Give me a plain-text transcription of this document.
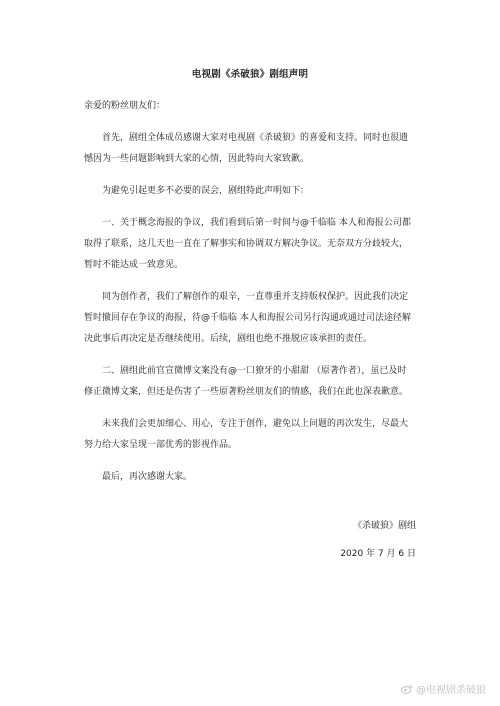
电视剧《杀破狼》剧组声明

亲爱的粉丝朋友们：

首先，剧组全体成员感谢大家对电视剧《杀破狼》的喜爱和支持。同时也很遗憾因为一些问题影响到大家的心情，因此特向大家致歉。

为避免引起更多不必要的误会，剧组特此声明如下：

一、关于概念海报的争议，我们看到后第一时间与@千临临 本人和海报公司都取得了联系，这几天也一直在了解事实和协调双方解决争议。无奈双方分歧较大，暂时不能达成一致意见。

同为创作者，我们了解创作的艰辛，一直尊重并支持版权保护。因此我们决定暂时撤回存在争议的海报，待@千临临 本人和海报公司另行沟通或通过司法途径解决此事后再决定是否继续使用。后续，剧组也绝不推脱应该承担的责任。

二、剧组此前官宣微博文案没有@一口獠牙的小甜甜 （原著作者），虽已及时修正微博文案，但还是伤害了一些原著粉丝朋友们的情感，我们在此也深表歉意。

未来我们会更加细心、用心，专注于创作，避免以上问题的再次发生，尽最大努力给大家呈现一部优秀的影视作品。

最后，再次感谢大家。

《杀破狼》剧组
2020 年 7 月 6 日
@电视剧杀破狼
